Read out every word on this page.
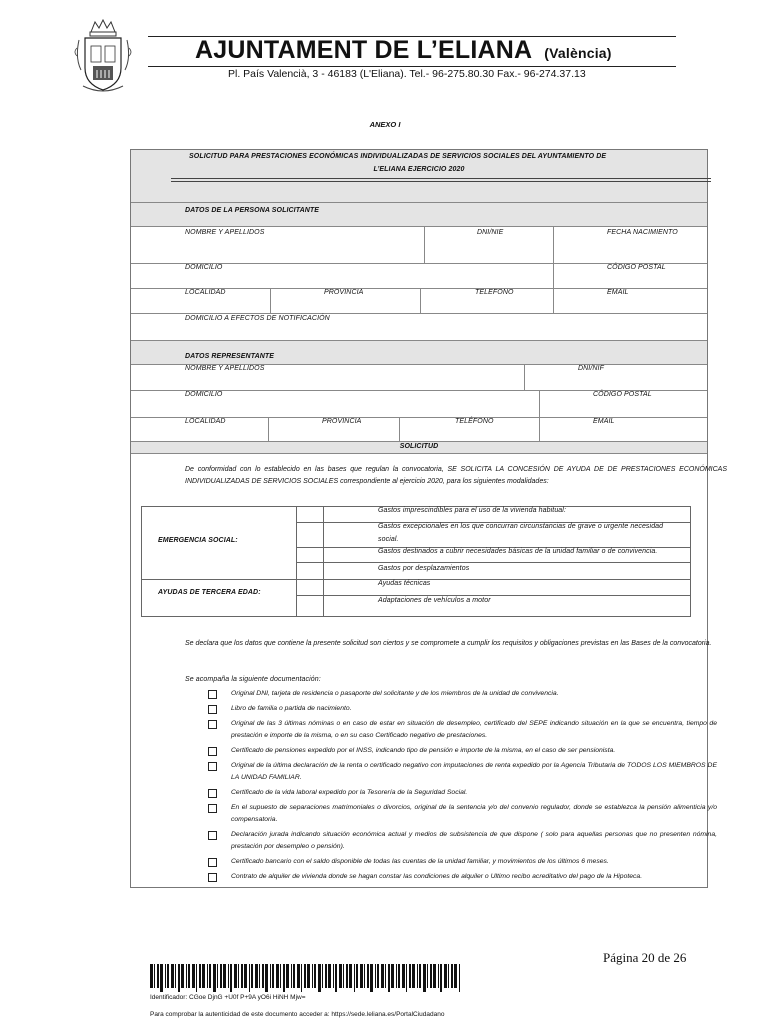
AJUNTAMENT DE L’ELIANA (València)
Pl. País Valencià, 3 - 46183 (L'Eliana). Tel.- 96-275.80.30 Fax.- 96-274.37.13
ANEXO I
SOLICITUD PARA PRESTACIONES ECONÓMICAS INDIVIDUALIZADAS DE SERVICIOS SOCIALES DEL AYUNTAMIENTO DE
L’ELIANA EJERCICIO 2020
DATOS DE LA PERSONA SOLICITANTE
NOMBRE Y APELLIDOS	DNI/NIE	FECHA NACIMIENTO
DOMICILIO	CÓDIGO POSTAL
LOCALIDAD	PROVINCIA	TELEFONO	EMAIL
DOMICILIO A EFECTOS DE NOTIFICACIÓN
DATOS REPRESENTANTE
NOMBRE Y APELLIDOS	DNI/NIF
DOMICILIO	CÓDIGO POSTAL
LOCALIDAD	PROVINCIA	TELÉFONO	EMAIL
SOLICITUD
De conformidad con lo establecido en las bases que regulan la convocatoria, SE SOLICITA LA CONCESIÓN DE AYUDA DE DE PRESTACIONES ECONÓMICAS INDIVIDUALIZADAS DE SERVICIOS SOCIALES correspondiente al ejercicio 2020, para los siguientes modalidades:
EMERGENCIA SOCIAL:
Gastos imprescindibles para el uso de la vivienda habitual:
Gastos excepcionales en los que concurran circunstancias de grave o urgente necesidad
social.
Gastos destinados a cubrir necesidades básicas de la unidad familiar o de convivencia.
Gastos por desplazamientos
AYUDAS DE TERCERA EDAD:
Ayudas técnicas
Adaptaciones de vehículos a motor
Se declara que los datos que contiene la presente solicitud son ciertos y se compromete a cumplir los requisitos y obligaciones previstas en las Bases de la convocatoria.
Se acompaña la siguiente documentación:
Original DNI, tarjeta de residencia o pasaporte del solicitante y de los miembros de la unidad de convivencia.
Libro de familia o partida de nacimiento.
Original de las 3 últimas nóminas o en caso de estar en situación de desempleo, certificado del SEPE indicando situación en la que se encuentra, tiempo de prestación e importe de la misma, o en su caso Certificado negativo de prestaciones.
Certificado de pensiones expedido por el INSS, indicando tipo de pensión e importe de la misma, en el caso de ser pensionista.
Original de la última declaración de la renta o certificado negativo con imputaciones de renta expedido por la Agencia Tributaria de TODOS LOS MIEMBROS DE LA UNIDAD FAMILIAR.
Certificado de la vida laboral expedido por la Tesorería de la Seguridad Social.
En el supuesto de separaciones matrimoniales o divorcios, original de la sentencia y/o del convenio regulador, donde se establezca la pensión alimenticia y/o compensatoria.
Declaración jurada indicando situación económica actual y medios de subsistencia de que dispone ( solo para aquellas personas que no presenten nómina, prestación por desempleo o pensión).
Certificado bancario con el saldo disponible de todas las cuentas de la unidad familiar, y movimientos de los últimos 6 meses.
Contrato de alquiler de vivienda donde se hagan constar las condiciones de alquiler o Ultimo recibo acreditativo del pago de la Hipoteca.
Página 20 de 26
Identificador: CGoe DjnG +U0f P+9A yO6i HiNH Mjw=
Para comprobar la autenticidad de este documento acceder a: https://sede.leliana.es/PortalCiudadano
